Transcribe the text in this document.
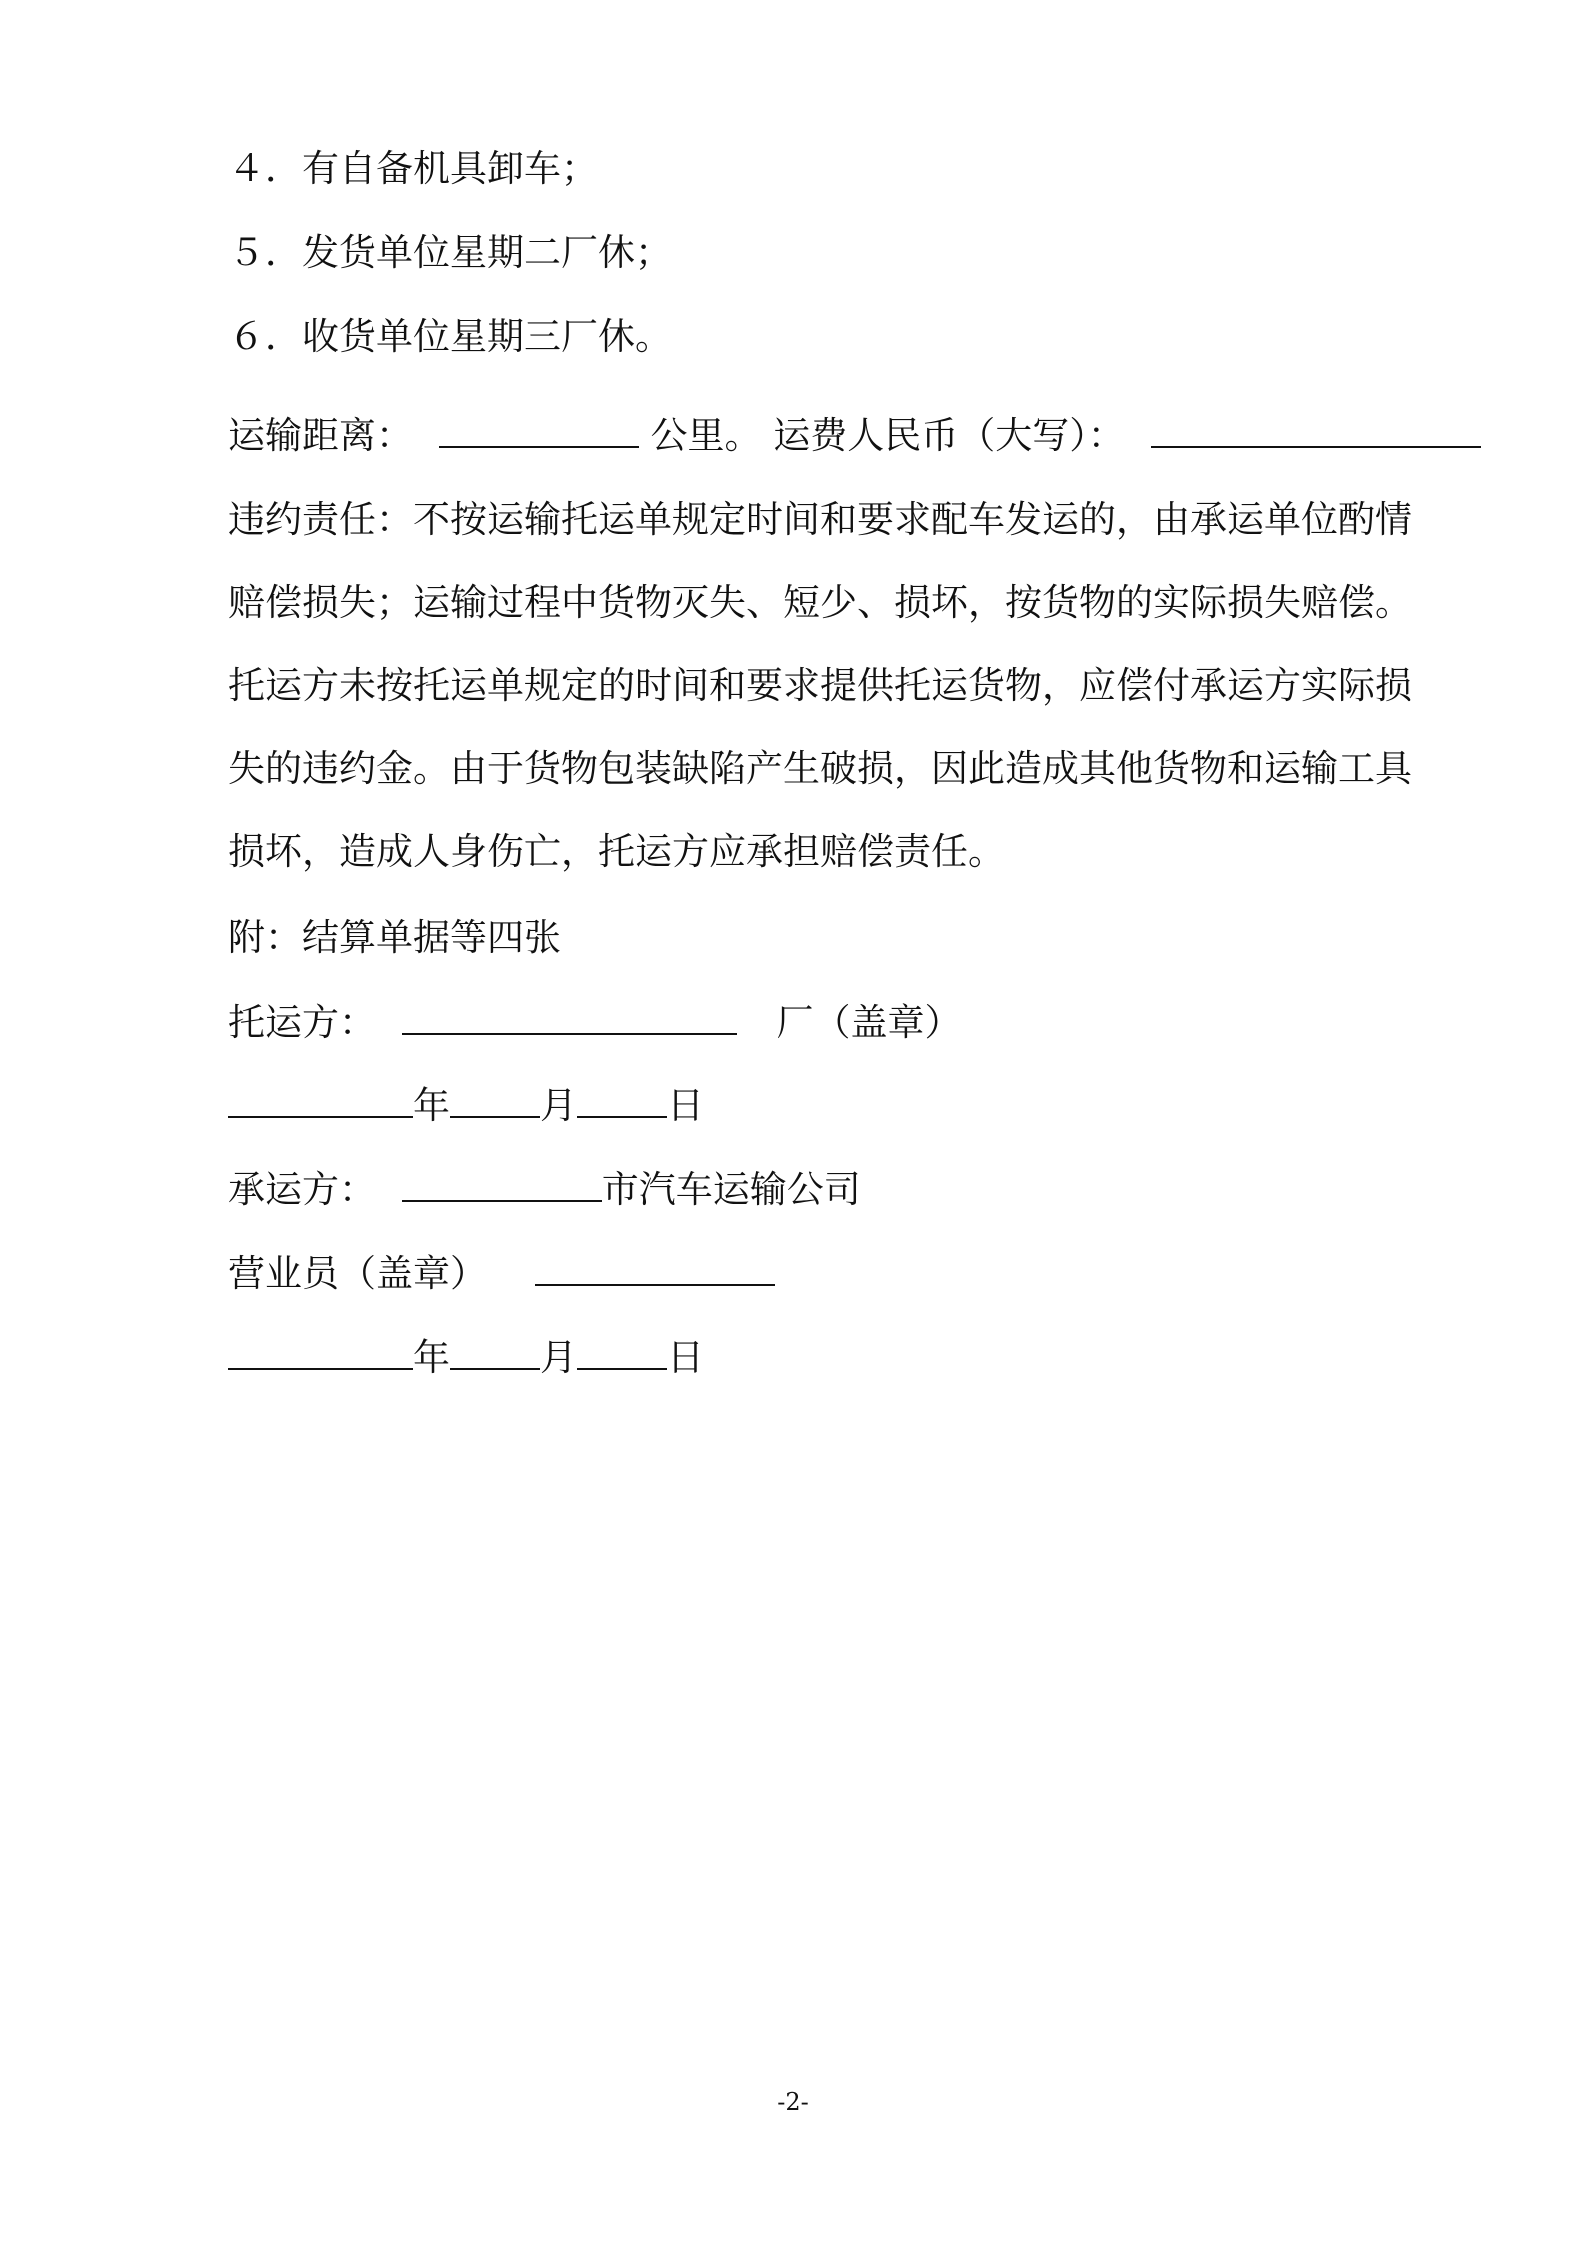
４．有自备机具卸车；
５．发货单位星期二厂休；
６．收货单位星期三厂休。
运输距离：	公里。 运费人民币（大写）：
违约责任：不按运输托运单规定时间和要求配车发运的，由承运单位酌情赔偿损失；运输过程中货物灭失、短少、损坏，按货物的实际损失赔偿。托运方未按托运单规定的时间和要求提供托运货物，应偿付承运方实际损失的违约金。由于货物包装缺陷产生破损，因此造成其他货物和运输工具损坏，造成人身伤亡，托运方应承担赔偿责任。
附：结算单据等四张
托运方：	厂（盖章）
年 月 日
承运方：	市汽车运输公司
营业员（盖章）
年 月 日
-2-
